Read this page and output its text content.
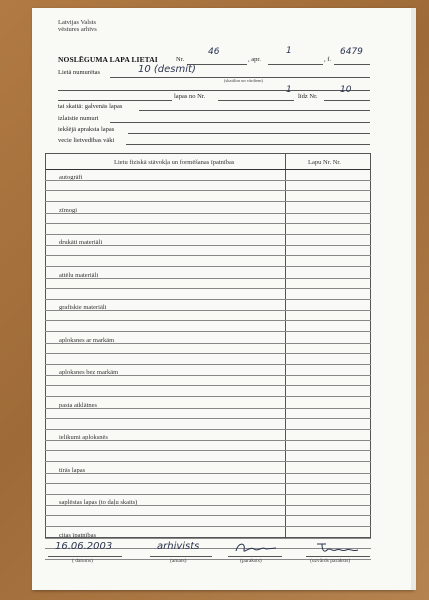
Latvijas Valsts
vēstures arhīvs
NOSLĒGUMA LAPA LIETAI	Nr.
46
, apr.
1
, f.
6479
Lietā numurētas	10 (desmit)
(skaitlim un vārdiem)
lapas no Nr.
1
līdz Nr.
10
tai skaitā: galvenās lapas
izlaistie numuri
iekšējā apraksta lapas
vecie lietvedības vāki
Lietu fiziskā stāvokļa un formēšanas īpatnības	Lapu Nr. Nr.
autogrāfi
zīmogi
drukāti materiāli
attēlu materiāli
grafiskie materiāli
aploksnes ar markām
aploksnes bez markām
pasta atklātnes
ielikumi aploksnēs
tīrās lapas
saplēstas lapas (to daļu skaits)
citas īpatnības
16.06.2003
( datums)
arhivists
(amats)	(paraksts)	(uzvārds paraksts)
